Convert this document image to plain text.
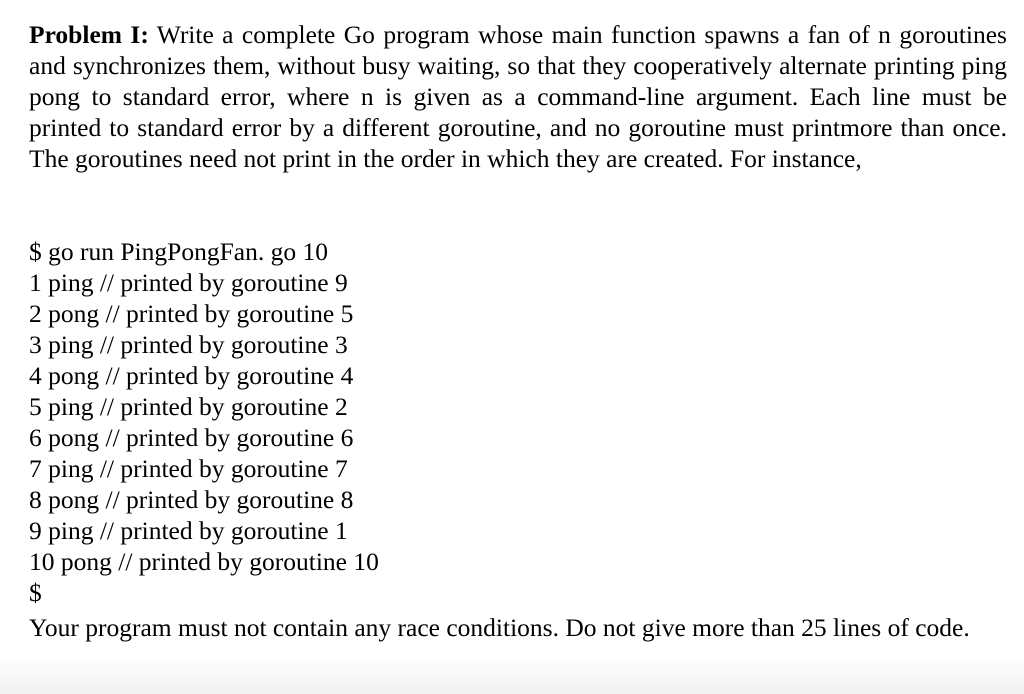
Problem I: Write a complete Go program whose main function spawns a fan of n goroutines and synchronizes them, without busy waiting, so that they cooperatively alternate printing ping pong to standard error, where n is given as a command-line argument. Each line must be printed to standard error by a different goroutine, and no goroutine must printmore than once. The goroutines need not print in the order in which they are created. For instance,
$ go run PingPongFan. go 10
1 ping // printed by goroutine 9
2 pong // printed by goroutine 5
3 ping // printed by goroutine 3
4 pong // printed by goroutine 4
5 ping // printed by goroutine 2
6 pong // printed by goroutine 6
7 ping // printed by goroutine 7
8 pong // printed by goroutine 8
9 ping // printed by goroutine 1
10 pong // printed by goroutine 10
$
Your program must not contain any race conditions. Do not give more than 25 lines of code.
